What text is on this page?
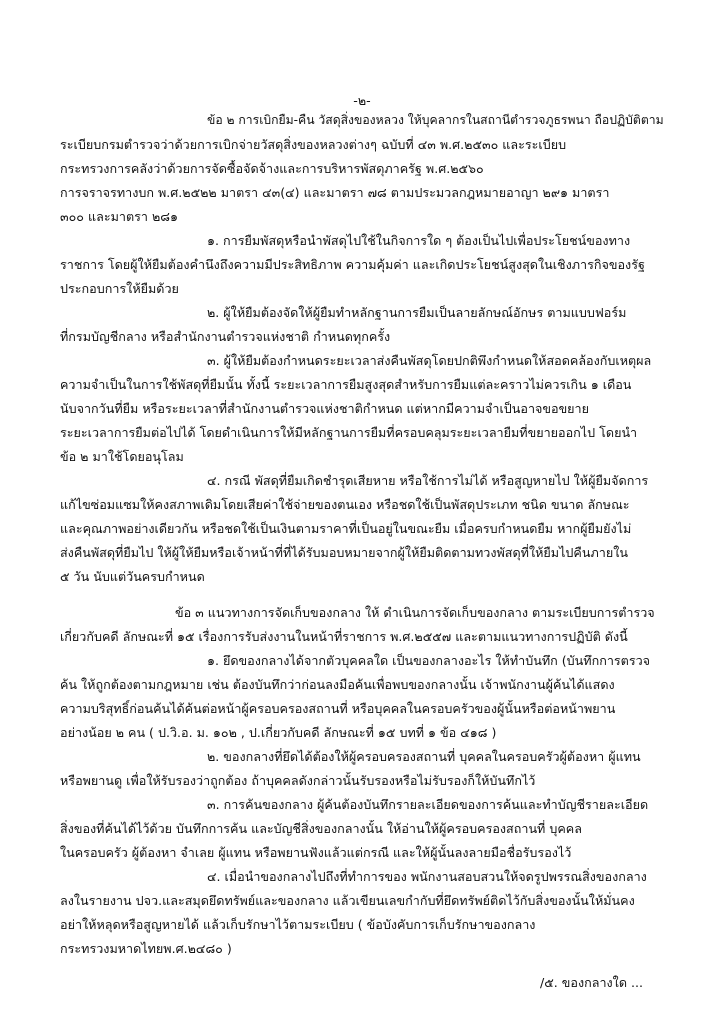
-๒-
ข้อ ๒ การเบิกยืม-คืน วัสดุสิ่งของหลวง ให้บุคลากรในสถานีตำรวจภูธรพนา ถือปฏิบัติตาม
ระเบียบกรมตำรวจว่าด้วยการเบิกจ่ายวัสดุสิ่งของหลวงต่างๆ ฉบับที่ ๔๓ พ.ศ.๒๕๓๐ และระเบียบ
กระทรวงการคลังว่าด้วยการจัดซื้อจัดจ้างและการบริหารพัสดุภาครัฐ พ.ศ.๒๕๖๐
การจราจรทางบก พ.ศ.๒๕๒๒ มาตรา ๔๓(๔) และมาตรา ๗๘ ตามประมวลกฎหมายอาญา ๒๙๑ มาตรา
๓๐๐ และมาตรา ๒๘๑
๑. การยืมพัสดุหรือนำพัสดุไปใช้ในกิจการใด ๆ ต้องเป็นไปเพื่อประโยชน์ของทาง
ราชการ โดยผู้ให้ยืมต้องคำนึงถึงความมีประสิทธิภาพ ความคุ้มค่า และเกิดประโยชน์สูงสุดในเชิงภารกิจของรัฐ
ประกอบการให้ยืมด้วย
๒. ผู้ให้ยืมต้องจัดให้ผู้ยืมทำหลักฐานการยืมเป็นลายลักษณ์อักษร ตามแบบฟอร์ม
ที่กรมบัญชีกลาง หรือสำนักงานตำรวจแห่งชาติ กำหนดทุกครั้ง
๓. ผู้ให้ยืมต้องกำหนดระยะเวลาส่งคืนพัสดุโดยปกติพึงกำหนดให้สอดคล้องกับเหตุผล
ความจำเป็นในการใช้พัสดุที่ยืมนั้น ทั้งนี้ ระยะเวลาการยืมสูงสุดสำหรับการยืมแต่ละคราวไม่ควรเกิน ๑ เดือน
นับจากวันที่ยืม หรือระยะเวลาที่สำนักงานตำรวจแห่งชาติกำหนด แต่หากมีความจำเป็นอาจขอขยาย
ระยะเวลาการยืมต่อไปได้ โดยดำเนินการให้มีหลักฐานการยืมที่ครอบคลุมระยะเวลายืมที่ขยายออกไป โดยนำ
ข้อ ๒ มาใช้โดยอนุโลม
๔. กรณี พัสดุที่ยืมเกิดชำรุดเสียหาย หรือใช้การไม่ได้ หรือสูญหายไป ให้ผู้ยืมจัดการ
แก้ไขซ่อมแซมให้คงสภาพเดิมโดยเสียค่าใช้จ่ายของตนเอง หรือชดใช้เป็นพัสดุประเภท ชนิด ขนาด ลักษณะ
และคุณภาพอย่างเดียวกัน หรือชดใช้เป็นเงินตามราคาที่เป็นอยู่ในขณะยืม เมื่อครบกำหนดยืม หากผู้ยืมยังไม่
ส่งคืนพัสดุที่ยืมไป ให้ผู้ให้ยืมหรือเจ้าหน้าที่ที่ได้รับมอบหมายจากผู้ให้ยืมติดตามทวงพัสดุที่ให้ยืมไปคืนภายใน
๕ วัน นับแต่วันครบกำหนด
ข้อ ๓ แนวทางการจัดเก็บของกลาง ให้ ดำเนินการจัดเก็บของกลาง ตามระเบียบการตำรวจ
เกี่ยวกับคดี ลักษณะที่ ๑๕ เรื่องการรับส่งงานในหน้าที่ราชการ พ.ศ.๒๕๕๗ และตามแนวทางการปฏิบัติ ดังนี้
๑. ยึดของกลางได้จากตัวบุคคลใด เป็นของกลางอะไร ให้ทำบันทึก (บันทึกการตรวจ
ค้น ให้ถูกต้องตามกฎหมาย เช่น ต้องบันทึกว่าก่อนลงมือค้นเพื่อพบของกลางนั้น เจ้าพนักงานผู้ค้นได้แสดง
ความบริสุทธิ์ก่อนค้นได้ค้นต่อหน้าผู้ครอบครองสถานที่ หรือบุคคลในครอบครัวของผู้นั้นหรือต่อหน้าพยาน
อย่างน้อย ๒ คน ( ป.วิ.อ. ม. ๑๐๒ , ป.เกี่ยวกับคดี ลักษณะที่ ๑๕ บทที่ ๑ ข้อ ๔๑๘ )
๒. ของกลางที่ยึดได้ต้องให้ผู้ครอบครองสถานที่ บุคคลในครอบครัวผู้ต้องหา ผู้แทน
หรือพยานดู เพื่อให้รับรองว่าถูกต้อง ถ้าบุคคลดังกล่าวนั้นรับรองหรือไม่รับรองก็ให้บันทึกไว้
๓. การค้นของกลาง ผู้ค้นต้องบันทึกรายละเอียดของการค้นและทำบัญชีรายละเอียด
สิ่งของที่ค้นได้ไว้ด้วย บันทึกการค้น และบัญชีสิ่งของกลางนั้น ให้อ่านให้ผู้ครอบครองสถานที่ บุคคล
ในครอบครัว ผู้ต้องหา จำเลย ผู้แทน หรือพยานฟังแล้วแต่กรณี และให้ผู้นั้นลงลายมือชื่อรับรองไว้
๔. เมื่อนำของกลางไปถึงที่ทำการของ พนักงานสอบสวนให้จดรูปพรรณสิ่งของกลาง
ลงในรายงาน ปจว.และสมุดยึดทรัพย์และของกลาง แล้วเขียนเลขกำกับที่ยึดทรัพย์ติดไว้กับสิ่งของนั้นให้มั่นคง
อย่าให้หลุดหรือสูญหายได้ แล้วเก็บรักษาไว้ตามระเบียบ ( ข้อบังคับการเก็บรักษาของกลาง
กระทรวงมหาดไทยพ.ศ.๒๔๘๐ )
/๕. ของกลางใด ...
